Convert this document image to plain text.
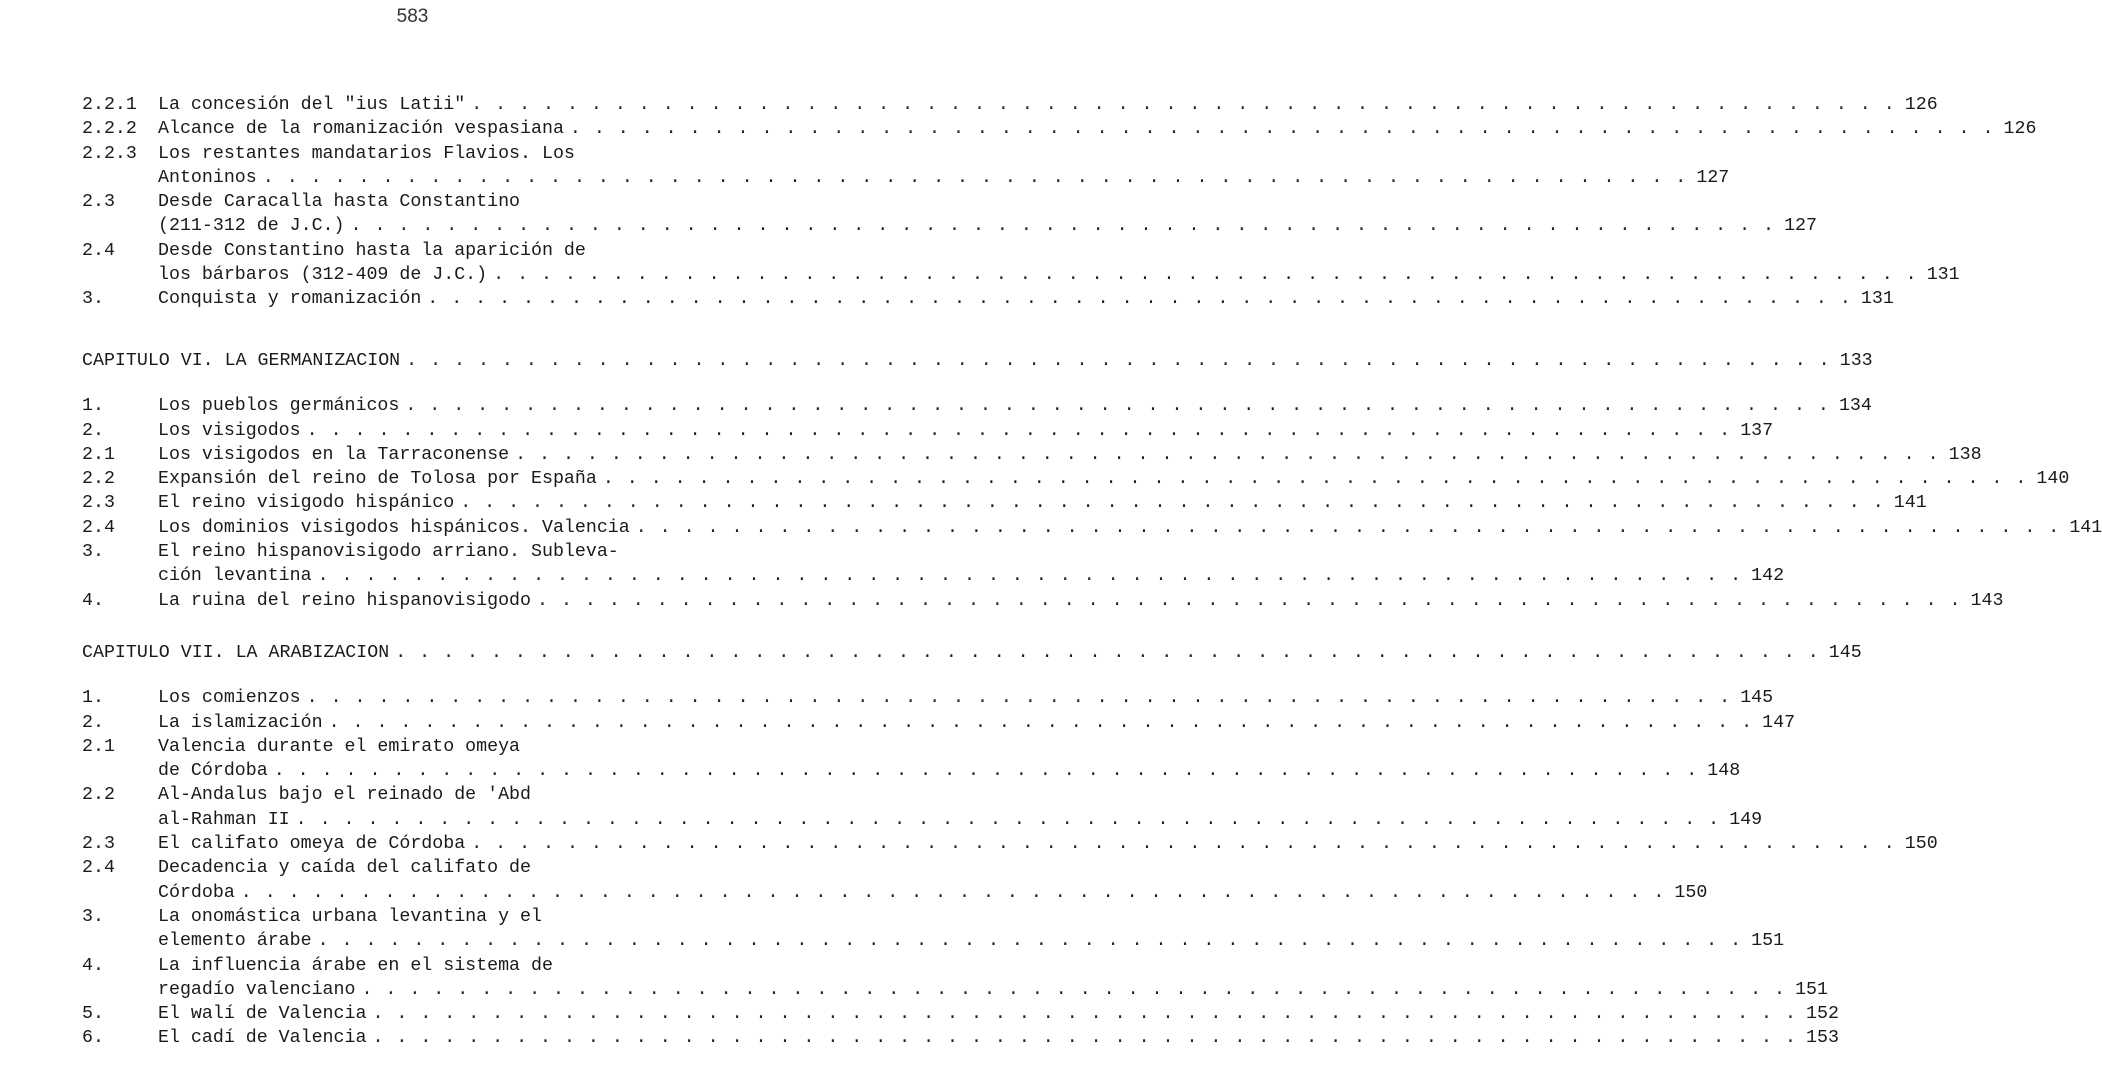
583
2.2.1	La concesión del "ius Latii" . . . . . . . . . . . . . . . . . . . . . . . . . . . . . . . . . . . . . . . . . . . . . . . . . . . . . . . . . . . . 126
2.2.2	Alcance de la romanización vespasiana . . . . . . . . . . . . . . . . . . . . . . . . . . . . . . . . . . . . . . . . . . . . . . . . . . . . . . . . . . . . 126
2.2.3	Los restantes mandatarios Flavios. Los
Antoninos . . . . . . . . . . . . . . . . . . . . . . . . . . . . . . . . . . . . . . . . . . . . . . . . . . . . . . . . . . . . 127
2.3	Desde Caracalla hasta Constantino
(211-312 de J.C.) . . . . . . . . . . . . . . . . . . . . . . . . . . . . . . . . . . . . . . . . . . . . . . . . . . . . . . . . . . . . 127
2.4	Desde Constantino hasta la aparición de
los bárbaros (312-409 de J.C.) . . . . . . . . . . . . . . . . . . . . . . . . . . . . . . . . . . . . . . . . . . . . . . . . . . . . . . . . . . . . 131
3.	Conquista y romanización . . . . . . . . . . . . . . . . . . . . . . . . . . . . . . . . . . . . . . . . . . . . . . . . . . . . . . . . . . . . 131
CAPITULO VI. LA GERMANIZACION . . . . . . . . . . . . . . . . . . . . . . . . . . . . . . . . . . . . . . . . . . . . . . . . . . . . . . . . . . . . 133
1.	Los pueblos germánicos . . . . . . . . . . . . . . . . . . . . . . . . . . . . . . . . . . . . . . . . . . . . . . . . . . . . . . . . . . . . 134
2.	Los visigodos . . . . . . . . . . . . . . . . . . . . . . . . . . . . . . . . . . . . . . . . . . . . . . . . . . . . . . . . . . . . 137
2.1	Los visigodos en la Tarraconense . . . . . . . . . . . . . . . . . . . . . . . . . . . . . . . . . . . . . . . . . . . . . . . . . . . . . . . . . . . . 138
2.2	Expansión del reino de Tolosa por España . . . . . . . . . . . . . . . . . . . . . . . . . . . . . . . . . . . . . . . . . . . . . . . . . . . . . . . . . . . . 140
2.3	El reino visigodo hispánico . . . . . . . . . . . . . . . . . . . . . . . . . . . . . . . . . . . . . . . . . . . . . . . . . . . . . . . . . . . . 141
2.4	Los dominios visigodos hispánicos. Valencia . . . . . . . . . . . . . . . . . . . . . . . . . . . . . . . . . . . . . . . . . . . . . . . . . . . . . . . . . . . . 141
3.	El reino hispanovisigodo arriano. Subleva-
ción levantina . . . . . . . . . . . . . . . . . . . . . . . . . . . . . . . . . . . . . . . . . . . . . . . . . . . . . . . . . . . . 142
4.	La ruina del reino hispanovisigodo . . . . . . . . . . . . . . . . . . . . . . . . . . . . . . . . . . . . . . . . . . . . . . . . . . . . . . . . . . . . 143
CAPITULO VII. LA ARABIZACION . . . . . . . . . . . . . . . . . . . . . . . . . . . . . . . . . . . . . . . . . . . . . . . . . . . . . . . . . . . . 145
1.	Los comienzos . . . . . . . . . . . . . . . . . . . . . . . . . . . . . . . . . . . . . . . . . . . . . . . . . . . . . . . . . . . . 145
2.	La islamización . . . . . . . . . . . . . . . . . . . . . . . . . . . . . . . . . . . . . . . . . . . . . . . . . . . . . . . . . . . . 147
2.1	Valencia durante el emirato omeya
de Córdoba . . . . . . . . . . . . . . . . . . . . . . . . . . . . . . . . . . . . . . . . . . . . . . . . . . . . . . . . . . . . 148
2.2	Al-Andalus bajo el reinado de 'Abd
al-Rahman II . . . . . . . . . . . . . . . . . . . . . . . . . . . . . . . . . . . . . . . . . . . . . . . . . . . . . . . . . . . . 149
2.3	El califato omeya de Córdoba . . . . . . . . . . . . . . . . . . . . . . . . . . . . . . . . . . . . . . . . . . . . . . . . . . . . . . . . . . . . 150
2.4	Decadencia y caída del califato de
Córdoba . . . . . . . . . . . . . . . . . . . . . . . . . . . . . . . . . . . . . . . . . . . . . . . . . . . . . . . . . . . . 150
3.	La onomástica urbana levantina y el
elemento árabe . . . . . . . . . . . . . . . . . . . . . . . . . . . . . . . . . . . . . . . . . . . . . . . . . . . . . . . . . . . . 151
4.	La influencia árabe en el sistema de
regadío valenciano . . . . . . . . . . . . . . . . . . . . . . . . . . . . . . . . . . . . . . . . . . . . . . . . . . . . . . . . . . . . 151
5.	El walí de Valencia . . . . . . . . . . . . . . . . . . . . . . . . . . . . . . . . . . . . . . . . . . . . . . . . . . . . . . . . . . . . 152
6.	El cadí de Valencia . . . . . . . . . . . . . . . . . . . . . . . . . . . . . . . . . . . . . . . . . . . . . . . . . . . . . . . . . . . . 153
